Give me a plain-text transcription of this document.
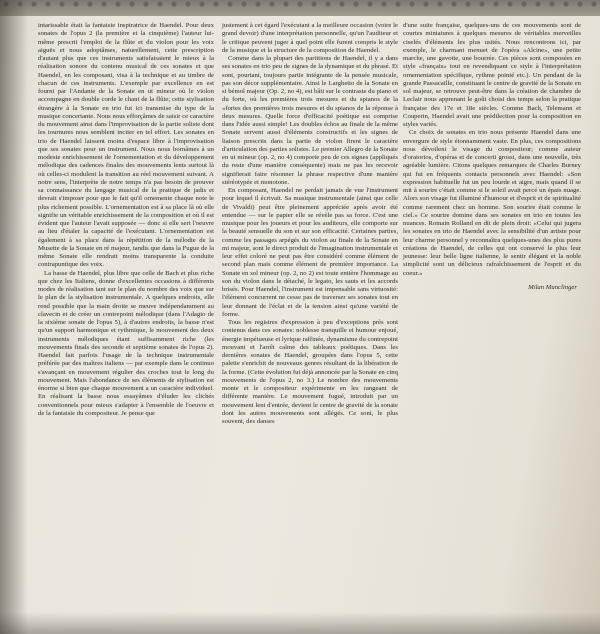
intarissable était la fantaisie inspiratrice de Haendel. Pour deux sonates de l'opus 2 (la première et la cinquième) l'auteur lui-même prescrit l'emploi de la flûte et du violon pour les voix aiguës et nous adoptâmes, naturellement, cette prescription d'autant plus que ces instruments satisfaisaient le mieux à la réalisation sonore du contenu musical de ces sonates et que Haendel, en les composant, visa à la technique et au timbre de chacun de ces instruments. L'exemple par excellence en est fourni par l'Andante de la Sonate en ut mineur où le violon accompagne en double corde le chant de la flûte; cette stylisation étrangère à la Sonate en trio fut ici transmise du type de la musique concertante. Nous nous efforçâmes de saisir ce caractère du mouvement ainsi dans l'improvisation de la partie soliste dont les tournures nous semblent inciter en tel effort. Les sonates en trio de Haendel laissent moins d'espace libre à l'improvisation que ses sonates pour un instrument. Nous nous bornâmes à un modeste enrichissement de l'ornementation et du développement mélodique des cadences finales des mouvements lents surtout là où celles-ci modulent la transition au réel mouvement suivant. A notre sens, l'interprète de notre temps n'a pas besoin de prouver sa connaissance du langage musical de la pratique de jadis et devrait s'imposer pour que le fait qu'il ornemente chaque note le plus richement possible. L'ornementation est à sa place là où elle signifie un véritable enrichissement de la composition et où il est évident que l'auteur l'avait supposée — donc si elle sert l'oeuvre au lieu d'étaler la capacité de l'exécutant. L'ornementation est également à sa place dans la répétition de la mélodie de la Musette de la Sonate en ré majeur, tandis que dans la Fugue de la même Sonate elle rendrait moins transparente la conduite contrapuntique des voix.

La basse de Haendel, plus libre que celle de Bach et plus riche que chez les Italiens, donne d'excellentes occasions à différents modes de réalisation tant sur le plan du nombre des voix que sur le plan de la stylisation instrumentale. A quelques endroits, elle rend possible que la main droite se meuve indépendamment au clavecin et de créer un contrepoint mélodique (dans l'Adagio de la sixième sonate de l'opus 5), à d'autres endroits, la basse n'est qu'un support harmonique et rythmique, le mouvement des deux instruments mélodiques étant suffisamment riche (les mouvements finals des seconde et septième sonates de l'opus 2). Haendel fait parfois l'usage de la technique instrumentale préférée par des maîtres italiens — par exemple dans le continuo s'avançant en mouvement régulier des croches tout le long du mouvement. Mais l'abondance de ses éléments de stylisation est énorme si bien que chaque mouvement a un caractère individuel. En réalisant la basse nous essayâmes d'éluder les clichés conventionnels pour mieux s'adapter à l'ensemble de l'oeuvre et de la fantaisie du compositeur. Je pense que

justement à cet égard l'exécutant a la meilleure occasion (voire le grand devoir) d'une interprétation personnelle, qu'un l'auditeur et le critique peuvent juger à quel point elle furent compris le style de la musique et la structure de la composition de Haendel.

Comme dans la plupart des partitions de Haendel, il y a dans ses sonates en trio peu de signes de la dynamique et du phrasé. Et sont, pourtant, toujours partie intégrante de la pensée musicale, pas son décor supplémentaire. Ainsi le Larghetto de la Sonate en si bémol majeur (Op. 2, no 4), est bâti sur le contraste du piano et du forte, où les premières trois mesures et du spianos de la «fortes des premières trois mesures et du spianos de la réponse à deux mesures. Quelle force d'efficacité poétique est comprise dans l'idée aussi simple! Les doubles échos au finale de la même Sonate servent aussi d'éléments constructifs et les signes de liaison prescrits dans la partie de violon firent le caractère d'articulation des parties solistes. Le premier Allegro de la Sonate en ut mineur (op. 2, no 4) comporte peu de ces signes (appliqués du reste d'une manière conséquente) mais ne pas les recevoir signifierait faire résonner la phrase respective d'une manière stéréotypée et monotone.

En composant, Haendel ne perdait jamais de vue l'instrument pour lequel il écrivait. Sa musique instrumentale (ainsi que celle de Vivaldi) peut être pleinement appréciée après avoir été entendue — sur le papier elle se révèle pas sa force. C'est une musique pour les joueurs et pour les auditeurs, elle comporte sur la beauté sensuelle du son et sur son efficacité. Certaines parties, comme les passages arpégés du violon au finale de la Sonate en mi majeur, sont le direct produit de l'imagination instrumentale et leur effet coloré ne peut pas être considéré comme élément de second plan mais comme élément de première importance. La Sonate en sol mineur (op. 2, no 2) est toute entière l'hommage au son du violon dans le détaché, le legato, les sauts et les accords brisés. Pour Haendel, l'instrument est impensable sans virtuosité: l'élément concurrent ne cesse pas de traverser ses sonates tout en leur donnant de l'éclat et de la tension ainsi qu'une variété de forme.

Tous les registres d'expression à peu d'exceptions près sont contenus dans ces sonates: noblesse tranquille et humour enjoué, énergie impétueuse et lyrique raffinée, dynamisme du contrepoint mouvant et l'arrêt calme des tableaux poétiques. Dans les dernières sonates de Haendel, groupées dans l'opus 5, cette palette s'enrichit de nouveaux genres résultant de la libération de la forme. (Cette évolution fut déjà annoncée par la Sonate en cinq mouvements de l'opus 2, no 3.) Le nombre des mouvements monte et le compositeur expérimente en les rangeant de différente manière. Le mouvement fugué, introduit par un mouvement lent d'entrée, devient le centre de gravité de la sonate dont les autres mouvements sont allégés. Ce sont, le plus souvent, des danses

d'une suite française, quelques-uns de ces mouvements sont de courtes miniatures à quelques mesures de véritables merveilles ciselés d'éléments les plus usités. Nous rencontrons ici, par exemple, le charmant menuet de l'opéra «Alcine», une petite marche, une gavotte, une bourrée. Ces pièces sont composées en style «français» tout en revendiquant ce style à l'interprétation ornementation spécifique, rythme pointé etc.). Un pendant de la grande Passacaille, constituant le centre de gravité de la Sonate en sol majeur, se retrouve peut-être dans la création de chambre de Leclair nous apprenant le goût choisi des temps selon la pratique française des 17e et 18e siècles. Comme Bach, Telemann et Couperin, Haendel avait une prédilection pour la composition en styles variés.

Ce choix de sonates en trio nous présente Haendel dans une envergure de style étonnamment vaste. En plus, ces compositions nous dévoilent le visage du compositeur; comme auteur d'oratorios, d'opéras et de concerti grossi, dans une nouvelle, très agréable lumière. Citons quelques remarques de Charles Burney qui fut en fréquents contacts personnels avec Haendel: «Son expression habituelle fut un peu lourde et aigre, mais quand il se mit à sourire c'était comme si le soleil avait percé un épais nuage. Alors son visage fut illuminé d'humour et d'esprit et de spiritualité comme rarement chez un homme. Son sourire était comme le ciel.» Ce sourire domine dans ses sonates en trio en toutes les nuances. Romain Rolland en dit de plein droit: «Celui qui jugera les sonates en trio de Haendel avec la sensibilité d'un artiste pour leur charme personnel y reconnaîtra quelques-unes des plus pures créations de Haendel, de celles qui ont conservé le plus leur jeunesse: leur belle ligne italienne, le sentir élégant et la noble simplicité sont un délicieux rafraîchissement de l'esprit et du coeur.»

Milan Munclinger
